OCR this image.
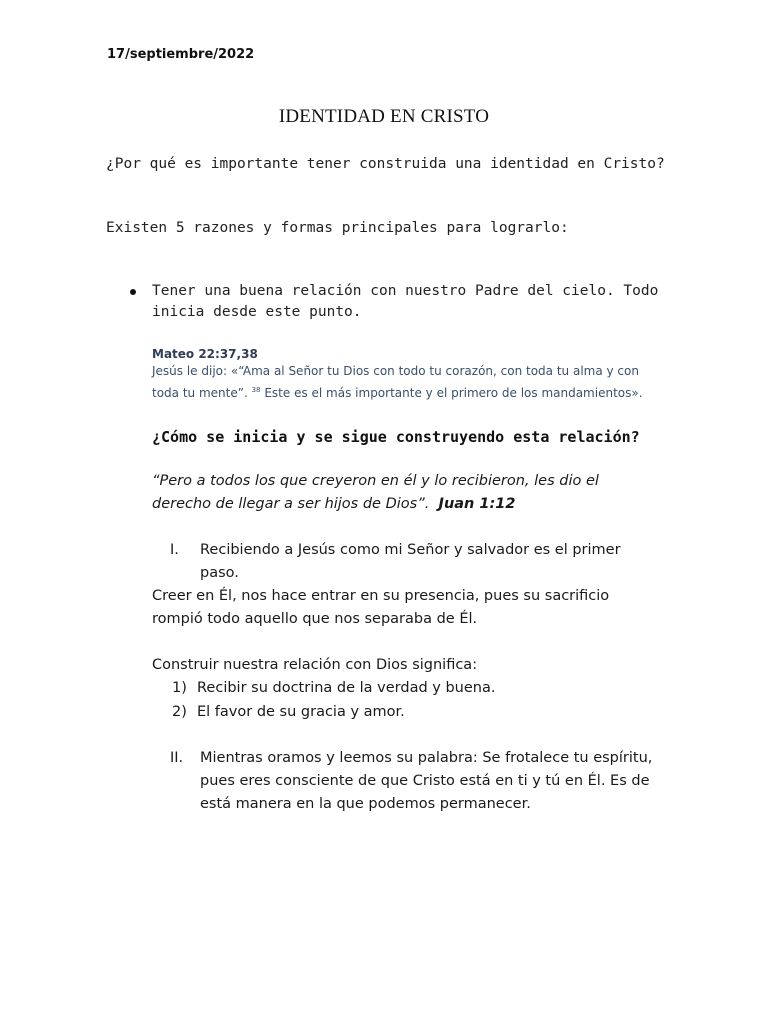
17/septiembre/2022

IDENTIDAD EN CRISTO

¿Por qué es importante tener construida una identidad en Cristo?

Existen 5 razones y formas principales para lograrlo:

Tener una buena relación con nuestro Padre del cielo. Todo inicia desde este punto.

Mateo 22:37,38

Jesús le dijo: «“Ama al Señor tu Dios con todo tu corazón, con toda tu alma y con toda tu mente”. $^{38}$ Este es el más importante y el primero de los mandamientos».

¿Cómo se inicia y se sigue construyendo esta relación?

“Pero a todos los que creyeron en él y lo recibieron, les dio el derecho de llegar a ser hijos de Dios”. Juan 1:12

I. Recibiendo a Jesús como mi Señor y salvador es el primer paso.

Creer en Él, nos hace entrar en su presencia, pues su sacrificio rompió todo aquello que nos separaba de Él.

Construir nuestra relación con Dios significa:

1) Recibir su doctrina de la verdad y buena.

2) El favor de su gracia y amor.

II. Mientras oramos y leemos su palabra: Se frotalece tu espíritu, pues eres consciente de que Cristo está en ti y tú en Él. Es de está manera en la que podemos permanecer.
